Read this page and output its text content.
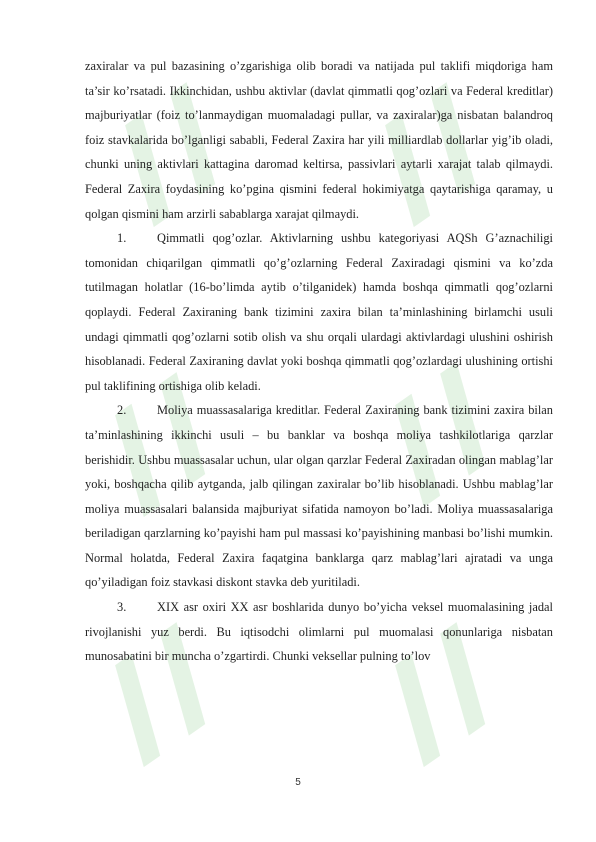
zaxiralar va pul bazasining o’zgarishiga olib boradi va natijada pul taklifi miqdoriga ham ta’sir ko’rsatadi. Ikkinchidan, ushbu aktivlar (davlat qimmatli qog’ozlari va Federal kreditlar) majburiyatlar (foiz to’lanmaydigan muomaladagi pullar, va zaxiralar)ga nisbatan balandroq foiz stavkalarida bo’lganligi sababli, Federal Zaxira har yili milliardlab dollarlar yig’ib oladi, chunki uning aktivlari kattagina daromad keltirsa, passivlari aytarli xarajat talab qilmaydi. Federal Zaxira foydasining ko’pgina qismini federal hokimiyatga qaytarishiga qaramay, u qolgan qismini ham arzirli sabablarga xarajat qilmaydi.

1. Qimmatli qog’ozlar. Aktivlarning ushbu kategoriyasi AQSh G’aznachiligi tomonidan chiqarilgan qimmatli qo’g’ozlarning Federal Zaxiradagi qismini va ko’zda tutilmagan holatlar (16-bo’limda aytib o’tilganidek) hamda boshqa qimmatli qog’ozlarni qoplaydi. Federal Zaxiraning bank tizimini zaxira bilan ta’minlashining birlamchi usuli undagi qimmatli qog’ozlarni sotib olish va shu orqali ulardagi aktivlardagi ulushini oshirish hisoblanadi. Federal Zaxiraning davlat yoki boshqa qimmatli qog’ozlardagi ulushining ortishi pul taklifining ortishiga olib keladi.

2. Moliya muassasalariga kreditlar. Federal Zaxiraning bank tizimini zaxira bilan ta’minlashining ikkinchi usuli – bu banklar va boshqa moliya tashkilotlariga qarzlar berishidir. Ushbu muassasalar uchun, ular olgan qarzlar Federal Zaxiradan olingan mablag’lar yoki, boshqacha qilib aytganda, jalb qilingan zaxiralar bo’lib hisoblanadi. Ushbu mablag’lar moliya muassasalari balansida majburiyat sifatida namoyon bo’ladi. Moliya muassasalariga beriladigan qarzlarning ko’payishi ham pul massasi ko’payishining manbasi bo’lishi mumkin. Normal holatda, Federal Zaxira faqatgina banklarga qarz mablag’lari ajratadi va unga qo’yiladigan foiz stavkasi diskont stavka deb yuritiladi.

3. XIX asr oxiri XX asr boshlarida dunyo bo’yicha veksel muomalasining jadal rivojlanishi yuz berdi. Bu iqtisodchi olimlarni pul muomalasi qonunlariga nisbatan munosabatini bir muncha o’zgartirdi. Chunki veksellar pulning to’lov

5
